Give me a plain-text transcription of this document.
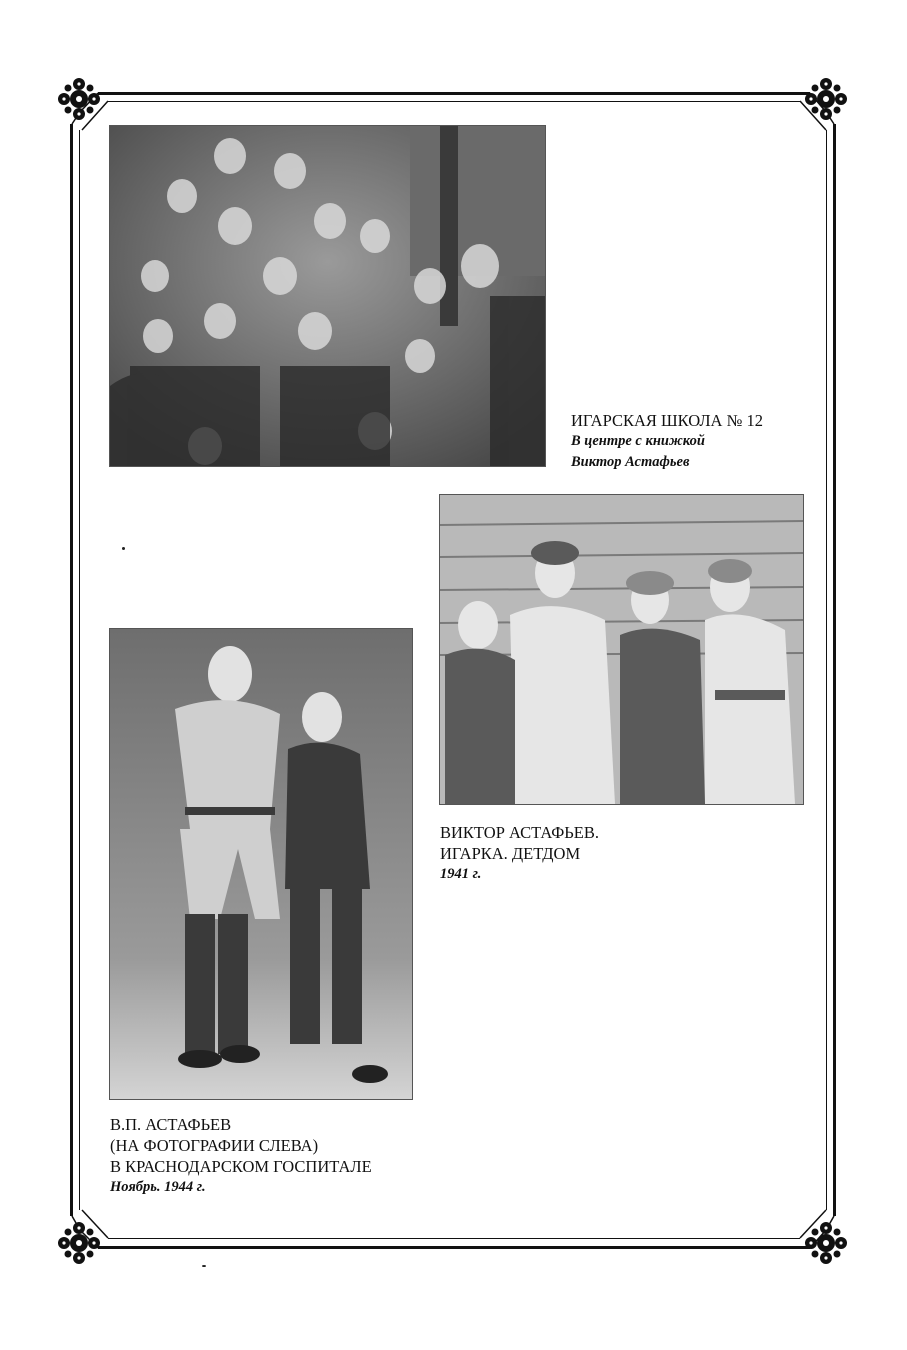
ИГАРСКАЯ ШКОЛА № 12
В центре с книжкой
Виктор Астафьев
ВИКТОР АСТАФЬЕВ.
ИГАРКА. ДЕТДОМ
1941 г.
В.П. АСТАФЬЕВ
(НА ФОТОГРАФИИ СЛЕВА)
В КРАСНОДАРСКОМ ГОСПИТАЛЕ
Ноябрь. 1944 г.
